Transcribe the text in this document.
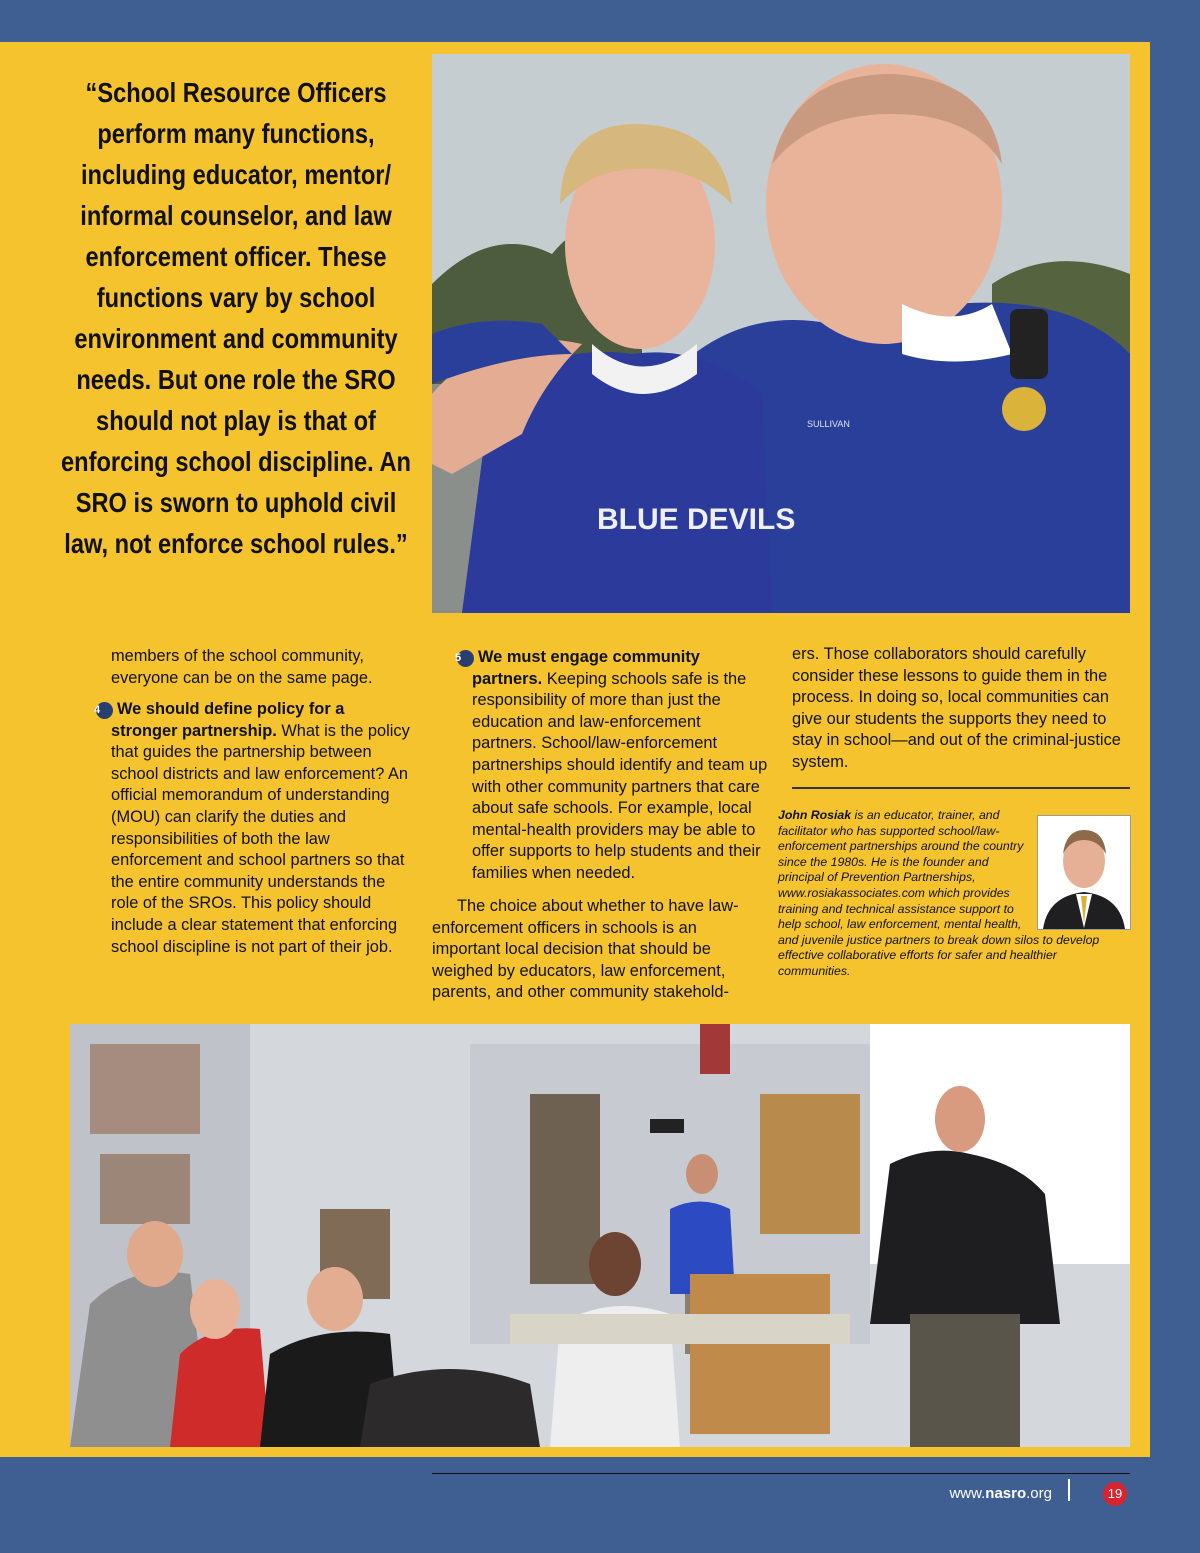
“School Resource Officers perform many functions, including educator, mentor/ informal counselor, and law enforcement officer. These functions vary by school environment and community needs. But one role the SRO should not play is that of enforcing school discipline. An SRO is sworn to uphold civil law, not enforce school rules.”
BLUE DEVILS
SULLIVAN

members of the school community, everyone can be on the same page.

4 We should define policy for a stronger partnership. What is the policy that guides the partnership between school districts and law enforcement? An official memorandum of understanding (MOU) can clarify the duties and responsibilities of both the law enforcement and school partners so that the entire community understands the role of the SROs. This policy should include a clear statement that enforcing school discipline is not part of their job.

5 We must engage community partners. Keeping schools safe is the responsibility of more than just the education and law-enforcement partners. School/law-enforcement partnerships should identify and team up with other community partners that care about safe schools. For example, local mental-health providers may be able to offer supports to help students and their families when needed.

The choice about whether to have law-enforcement officers in schools is an important local decision that should be weighed by educators, law enforcement, parents, and other community stakehold-

ers. Those collaborators should carefully consider these lessons to guide them in the process. In doing so, local communities can give our students the supports they need to stay in school—and out of the criminal-justice system.

John Rosiak is an educator, trainer, and facilitator who has supported school/law-enforcement partnerships around the country since the 1980s. He is the founder and principal of Prevention Partnerships, www.rosiakassociates.com which provides training and technical assistance support to help school, law enforcement, mental health, and juvenile justice partners to break down silos to develop effective collaborative efforts for safer and healthier communities.
www.nasro.org	19
